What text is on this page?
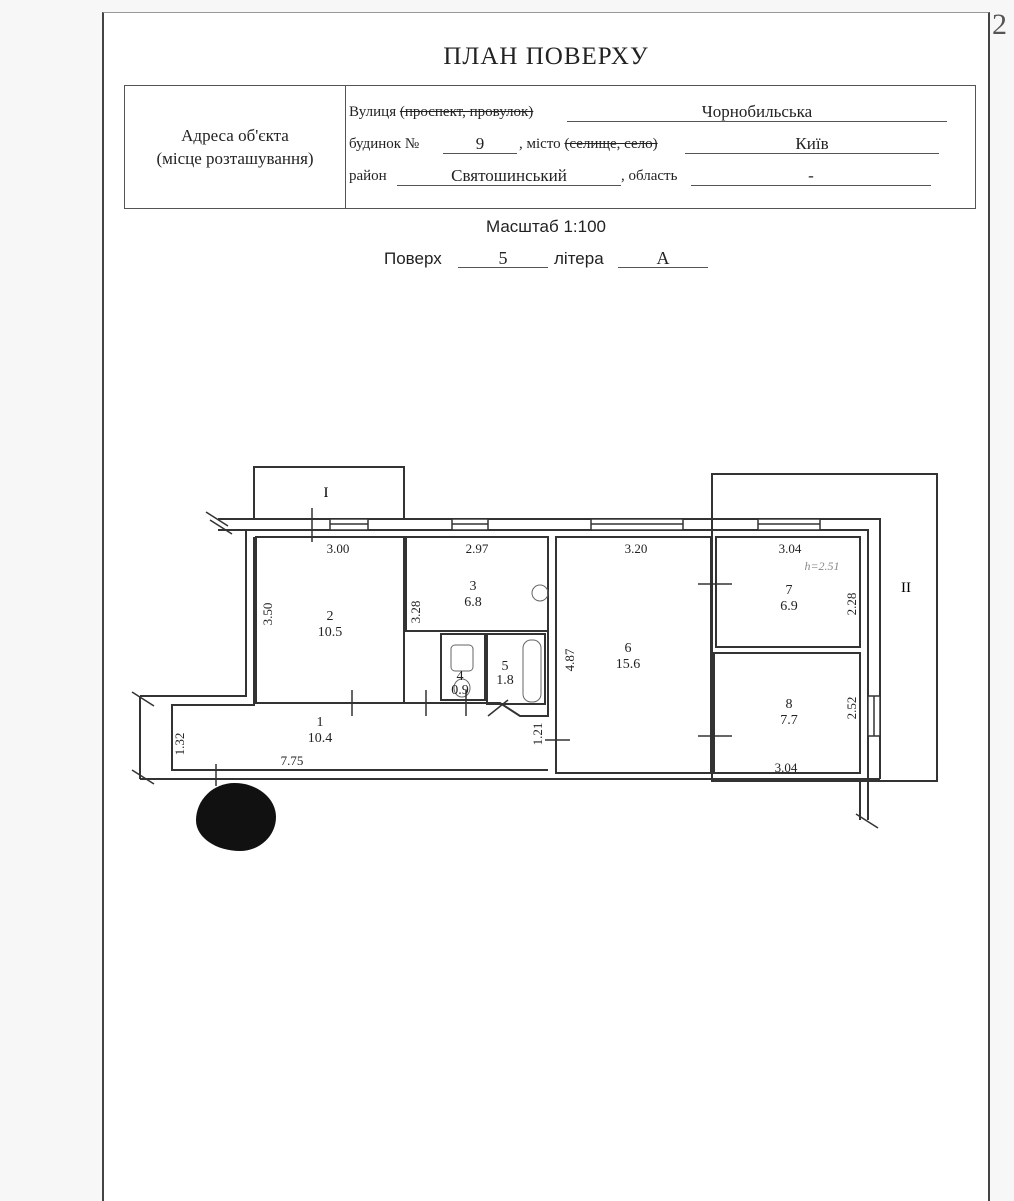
ПЛАН ПОВЕРХУ
Адреса об'єкта
(місце розташування)
Вулиця (проспект, провулок)	Чорнобильська
будинок №	9	, місто (селище, село)	Київ
район	Святошинський	, область	-
Масштаб 1:100
Поверх	5	літера	А
I
II
2
10.5
3
6.8
4
0.9
5
1.8
6
15.6
7
6.9
8
7.7
1
10.4
3.00	2.97	3.20	3.04
3.04
7.75
h=2.51
3.50	3.28
4.87
2.28
2.52
1.32	1.21
2
